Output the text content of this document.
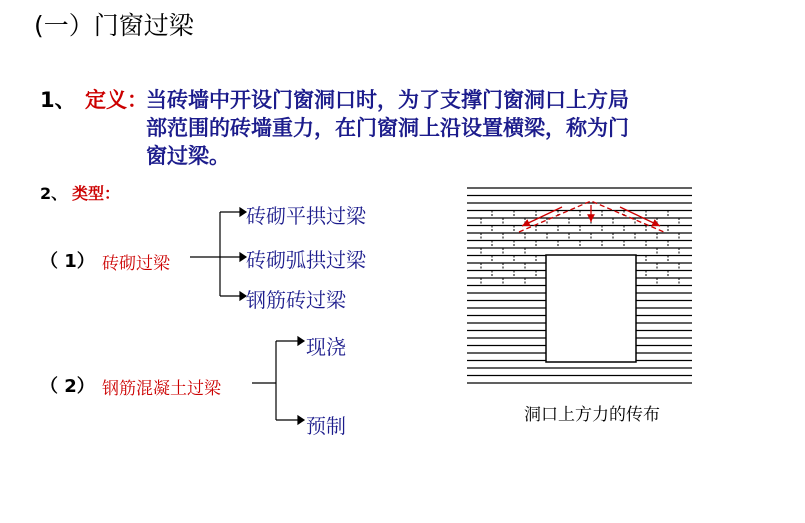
(一）门窗过梁
1、 定义：
当砖墙中开设门窗洞口时，为了支撑门窗洞口上方局
部范围的砖墙重力，在门窗洞上沿设置横梁，称为门
窗过梁。
2、 类型：
（ 1） 砖砌过梁
砖砌平拱过梁
砖砌弧拱过梁
钢筋砖过梁
（ 2） 钢筋混凝土过梁
现浇
预制	洞口上方力的传布
